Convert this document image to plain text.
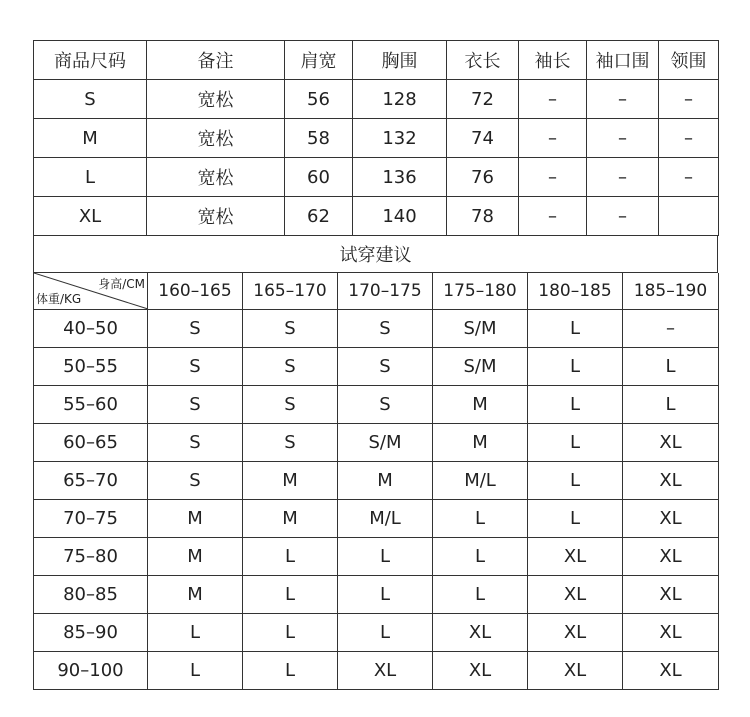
商品尺码	备注	肩宽	胸围	衣长	袖长	袖口围	领围
S	宽松	56	128	72	–	–	–
M	宽松	58	132	74	–	–	–
L	宽松	60	136	76	–	–	–
XL	宽松	62	140	78	–	–	
试穿建议
身高/CM
体重/KG	160–165	165–170	170–175	175–180	180–185	185–190
40–50	S	S	S	S/M	L	–
50–55	S	S	S	S/M	L	L
55–60	S	S	S	M	L	L
60–65	S	S	S/M	M	L	XL
65–70	S	M	M	M/L	L	XL
70–75	M	M	M/L	L	L	XL
75–80	M	L	L	L	XL	XL
80–85	M	L	L	L	XL	XL
85–90	L	L	L	XL	XL	XL
90–100	L	L	XL	XL	XL	XL
